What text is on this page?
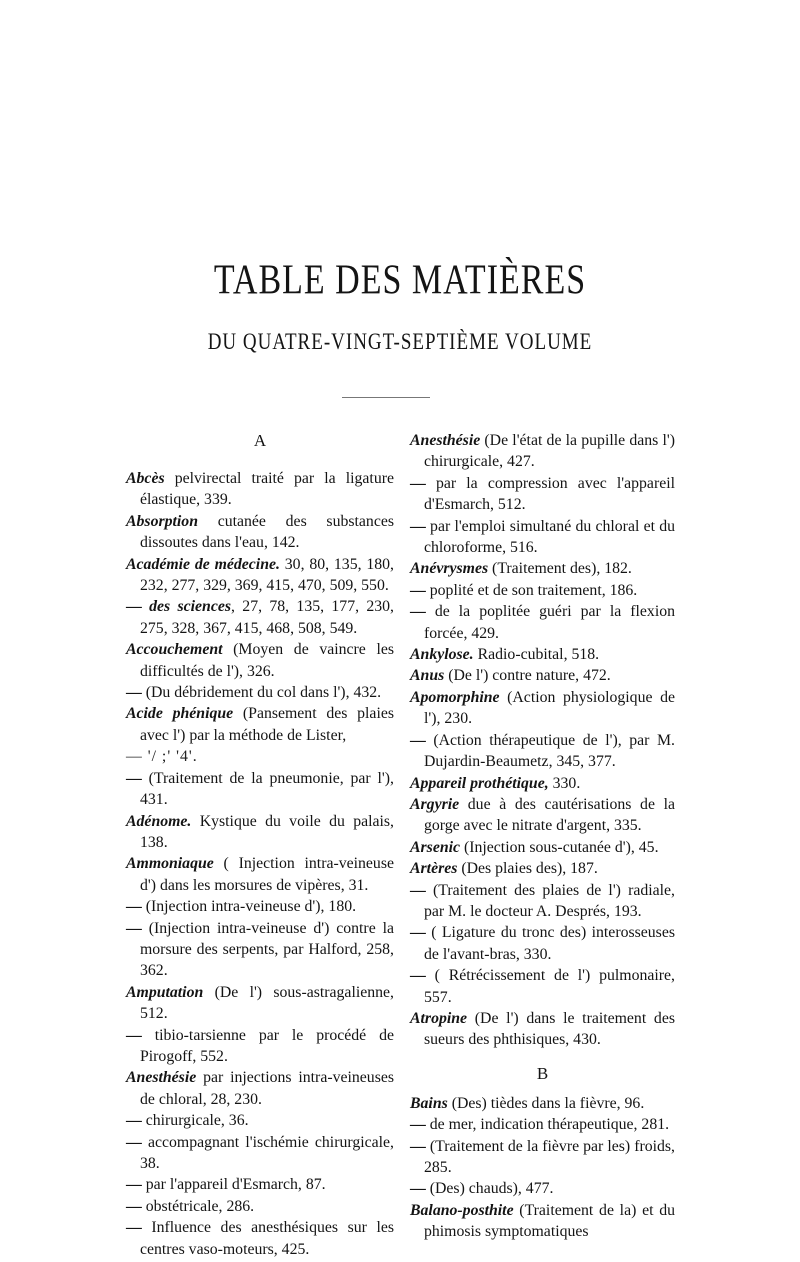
TABLE DES MATIÈRES
DU QUATRE-VINGT-SEPTIÈME VOLUME
A

Abcès pelvirectal traité par la ligature élastique, 339.

Absorption cutanée des substances dissoutes dans l'eau, 142.

Académie de médecine. 30, 80, 135, 180, 232, 277, 329, 369, 415, 470, 509, 550.

— des sciences, 27, 78, 135, 177, 230, 275, 328, 367, 415, 468, 508, 549.

Accouchement (Moyen de vaincre les difficultés de l'), 326.

— (Du débridement du col dans l'), 432.

Acide phénique (Pansement des plaies avec l') par la méthode de Lister,

— '/ ;' '4'.

— (Traitement de la pneumonie, par l'), 431.

Adénome. Kystique du voile du palais, 138.

Ammoniaque ( Injection intra-veineuse d') dans les morsures de vipères, 31.

— (Injection intra-veineuse d'), 180.

— (Injection intra-veineuse d') contre la morsure des serpents, par Halford, 258, 362.

Amputation (De l') sous-astragalienne, 512.

— tibio-tarsienne par le procédé de Pirogoff, 552.

Anesthésie par injections intra-veineuses de chloral, 28, 230.

— chirurgicale, 36.

— accompagnant l'ischémie chirurgicale, 38.

— par l'appareil d'Esmarch, 87.

— obstétricale, 286.

— Influence des anesthésiques sur les centres vaso-moteurs, 425.

Anesthésie (De l'état de la pupille dans l') chirurgicale, 427.

— par la compression avec l'appareil d'Esmarch, 512.

— par l'emploi simultané du chloral et du chloroforme, 516.

Anévrysmes (Traitement des), 182.

— poplité et de son traitement, 186.

— de la poplitée guéri par la flexion forcée, 429.

Ankylose. Radio-cubital, 518.

Anus (De l') contre nature, 472.

Apomorphine (Action physiologique de l'), 230.

— (Action thérapeutique de l'), par M. Dujardin-Beaumetz, 345, 377.

Appareil prothétique, 330.

Argyrie due à des cautérisations de la gorge avec le nitrate d'argent, 335.

Arsenic (Injection sous-cutanée d'), 45.

Artères (Des plaies des), 187.

— (Traitement des plaies de l') radiale, par M. le docteur A. Després, 193.

— ( Ligature du tronc des) interosseuses de l'avant-bras, 330.

— ( Rétrécissement de l') pulmonaire, 557.

Atropine (De l') dans le traitement des sueurs des phthisiques, 430.

B

Bains (Des) tièdes dans la fièvre, 96.

— de mer, indication thérapeutique, 281.

— (Traitement de la fièvre par les) froids, 285.

— (Des) chauds), 477.

Balano-posthite (Traitement de la) et du phimosis symptomatiques
